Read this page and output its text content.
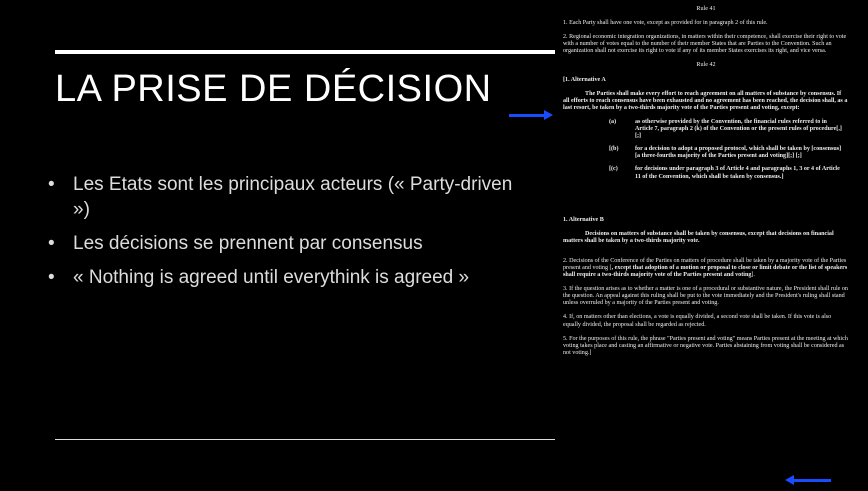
LA PRISE DE DÉCISION
• Les Etats sont les principaux acteurs (« Party-driven »)
• Les décisions se prennent par consensus
• « Nothing is agreed until everythink is agreed »

Rule 41

1. Each Party shall have one vote, except as provided for in paragraph 2 of this rule.

2. Regional economic integration organizations, in matters within their competence, shall exercise their right to vote with a number of votes equal to the number of their member States that are Parties to the Convention. Such an organization shall not exercise its right to vote if any of its member States exercises its right, and vice versa.

Rule 42

[1. Alternative A

The Parties shall make every effort to reach agreement on all matters of substance by consensus. If all efforts to reach consensus have been exhausted and no agreement has been reached, the decision shall, as a last resort, be taken by a two-thirds majority vote of the Parties present and voting, except:

(a)	as otherwise provided by the Convention, the financial rules referred to in Article 7, paragraph 2 (k) of the Convention or the present rules of procedure[,] [;]
[(b)	for a decision to adopt a proposed protocol, which shall be taken by [consensus] [a three-fourths majority of the Parties present and voting][;] [;]
[(c)	for decisions under paragraph 3 of Article 4 and paragraphs 1, 3 or 4 of Article 11 of the Convention, which shall be taken by consensus.]

1. Alternative B

Decisions on matters of substance shall be taken by consensus, except that decisions on financial matters shall be taken by a two-thirds majority vote.

2. Decisions of the Conference of the Parties on matters of procedure shall be taken by a majority vote of the Parties present and voting [, except that adoption of a motion or proposal to close or limit debate or the list of speakers shall require a two-thirds majority vote of the Parties present and voting].

3. If the question arises as to whether a matter is one of a procedural or substantive nature, the President shall rule on the question. An appeal against this ruling shall be put to the vote immediately and the President's ruling shall stand unless overruled by a majority of the Parties present and voting.

4. If, on matters other than elections, a vote is equally divided, a second vote shall be taken. If this vote is also equally divided, the proposal shall be regarded as rejected.

5. For the purposes of this rule, the phrase "Parties present and voting" means Parties present at the meeting at which voting takes place and casting an affirmative or negative vote. Parties abstaining from voting shall be considered as not voting.]
